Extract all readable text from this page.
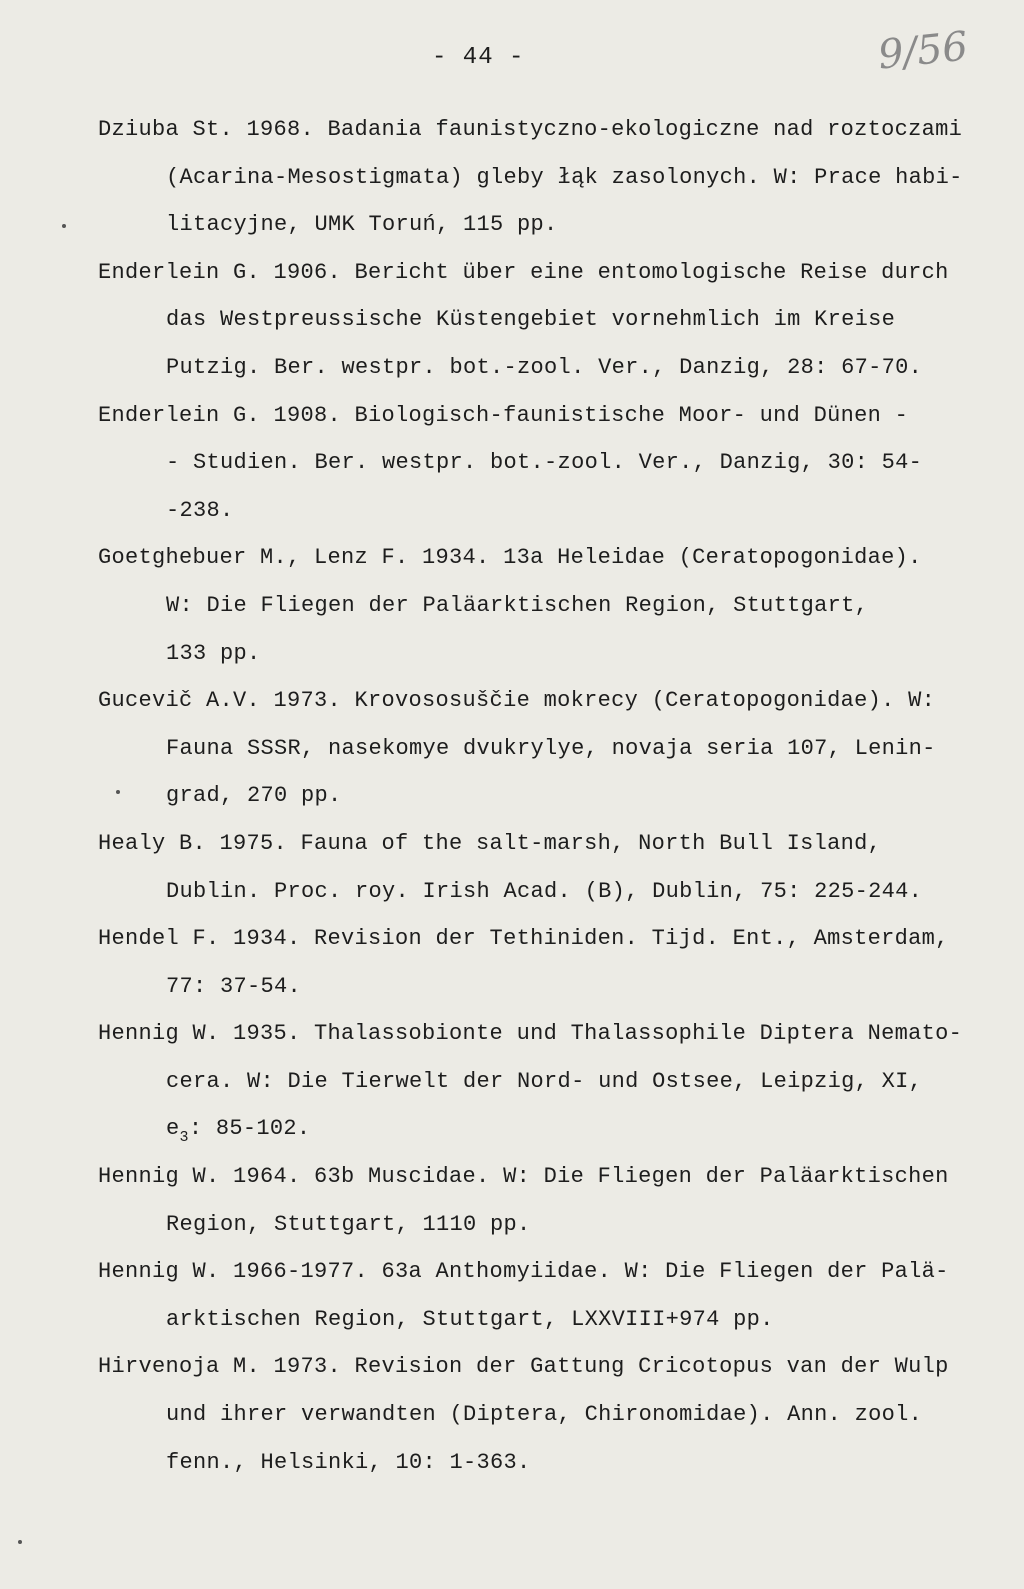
- 44 -	9/56
Dziuba St. 1968. Badania faunistyczno-ekologiczne nad roztoczami
(Acarina-Mesostigmata) gleby łąk zasolonych. W: Prace habi-
litacyjne, UMK Toruń, 115 pp.
Enderlein G. 1906. Bericht über eine entomologische Reise durch
das Westpreussische Küstengebiet vornehmlich im Kreise
Putzig. Ber. westpr. bot.-zool. Ver., Danzig, 28: 67-70.
Enderlein G. 1908. Biologisch-faunistische Moor- und Dünen -
- Studien. Ber. westpr. bot.-zool. Ver., Danzig, 30: 54-
-238.
Goetghebuer M., Lenz F. 1934. 13a Heleidae (Ceratopogonidae).
W: Die Fliegen der Paläarktischen Region, Stuttgart,
133 pp.
Gucevič A.V. 1973. Krovososuščie mokrecy (Ceratopogonidae). W:
Fauna SSSR, nasekomye dvukrylye, novaja seria 107, Lenin-
grad, 270 pp.
Healy B. 1975. Fauna of the salt-marsh, North Bull Island,
Dublin. Proc. roy. Irish Acad. (B), Dublin, 75: 225-244.
Hendel F. 1934. Revision der Tethiniden. Tijd. Ent., Amsterdam,
77: 37-54.
Hennig W. 1935. Thalassobionte und Thalassophile Diptera Nemato-
cera. W: Die Tierwelt der Nord- und Ostsee, Leipzig, XI,
$e_3$: 85-102.
Hennig W. 1964. 63b Muscidae. W: Die Fliegen der Paläarktischen
Region, Stuttgart, 1110 pp.
Hennig W. 1966-1977. 63a Anthomyiidae. W: Die Fliegen der Palä-
arktischen Region, Stuttgart, LXXVIII+974 pp.
Hirvenoja M. 1973. Revision der Gattung Cricotopus van der Wulp
und ihrer verwandten (Diptera, Chironomidae). Ann. zool.
fenn., Helsinki, 10: 1-363.
